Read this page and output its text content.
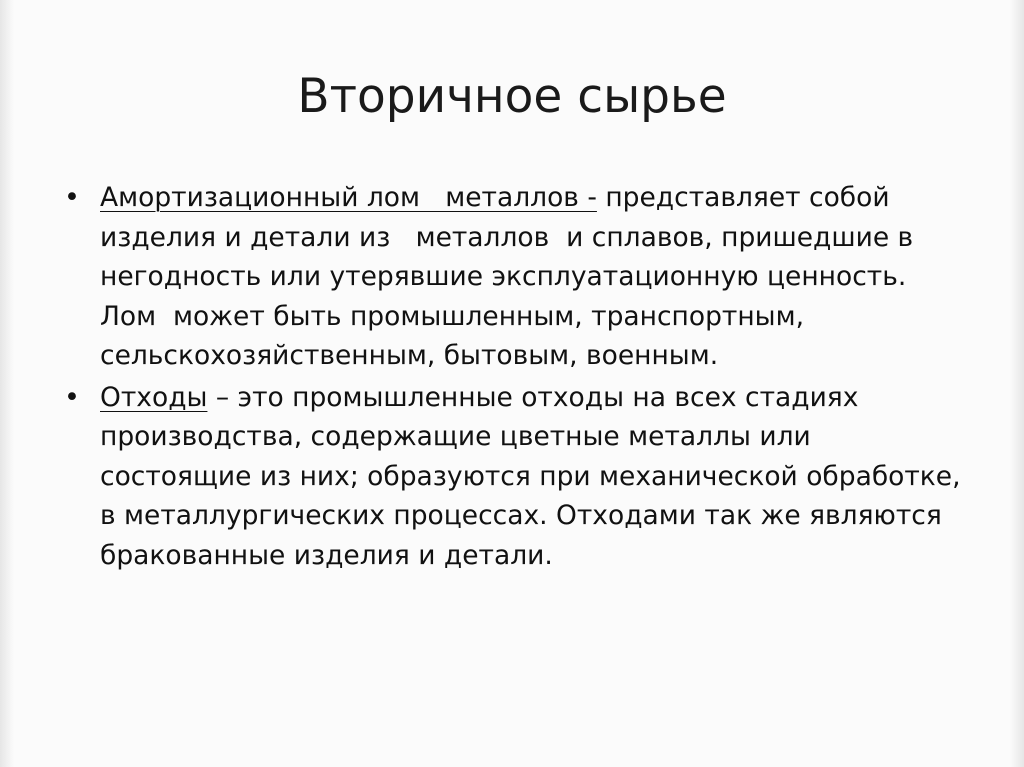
Вторичное сырье
• Амортизационный лом   металлов - представляет собой изделия и детали из   металлов  и сплавов, пришедшие в негодность или утерявшие эксплуатационную ценность. Лом  может быть промышленным, транспортным, сельскохозяйственным, бытовым, военным.
• Отходы – это промышленные отходы на всех стадиях  производства, содержащие цветные металлы или состоящие из них; образуются при механической обработке, в металлургических процессах. Отходами так же являются бракованные изделия и детали.
